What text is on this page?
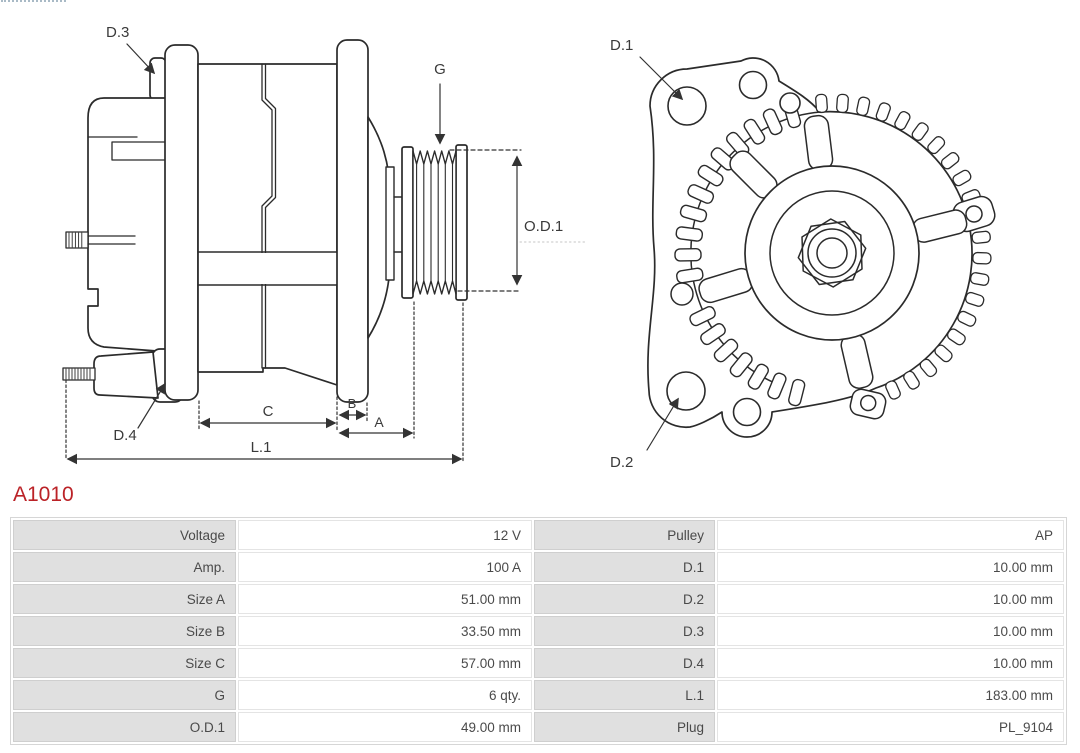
D.3
G
O.D.1
C	B
A
L.1
D.4
D.1
D.2
A1010
Voltage	12 V	Pulley	AP
Amp.	100 A	D.1	10.00 mm
Size A	51.00 mm	D.2	10.00 mm
Size B	33.50 mm	D.3	10.00 mm
Size C	57.00 mm	D.4	10.00 mm
G	6 qty.	L.1	183.00 mm
O.D.1	49.00 mm	Plug	PL_9104
